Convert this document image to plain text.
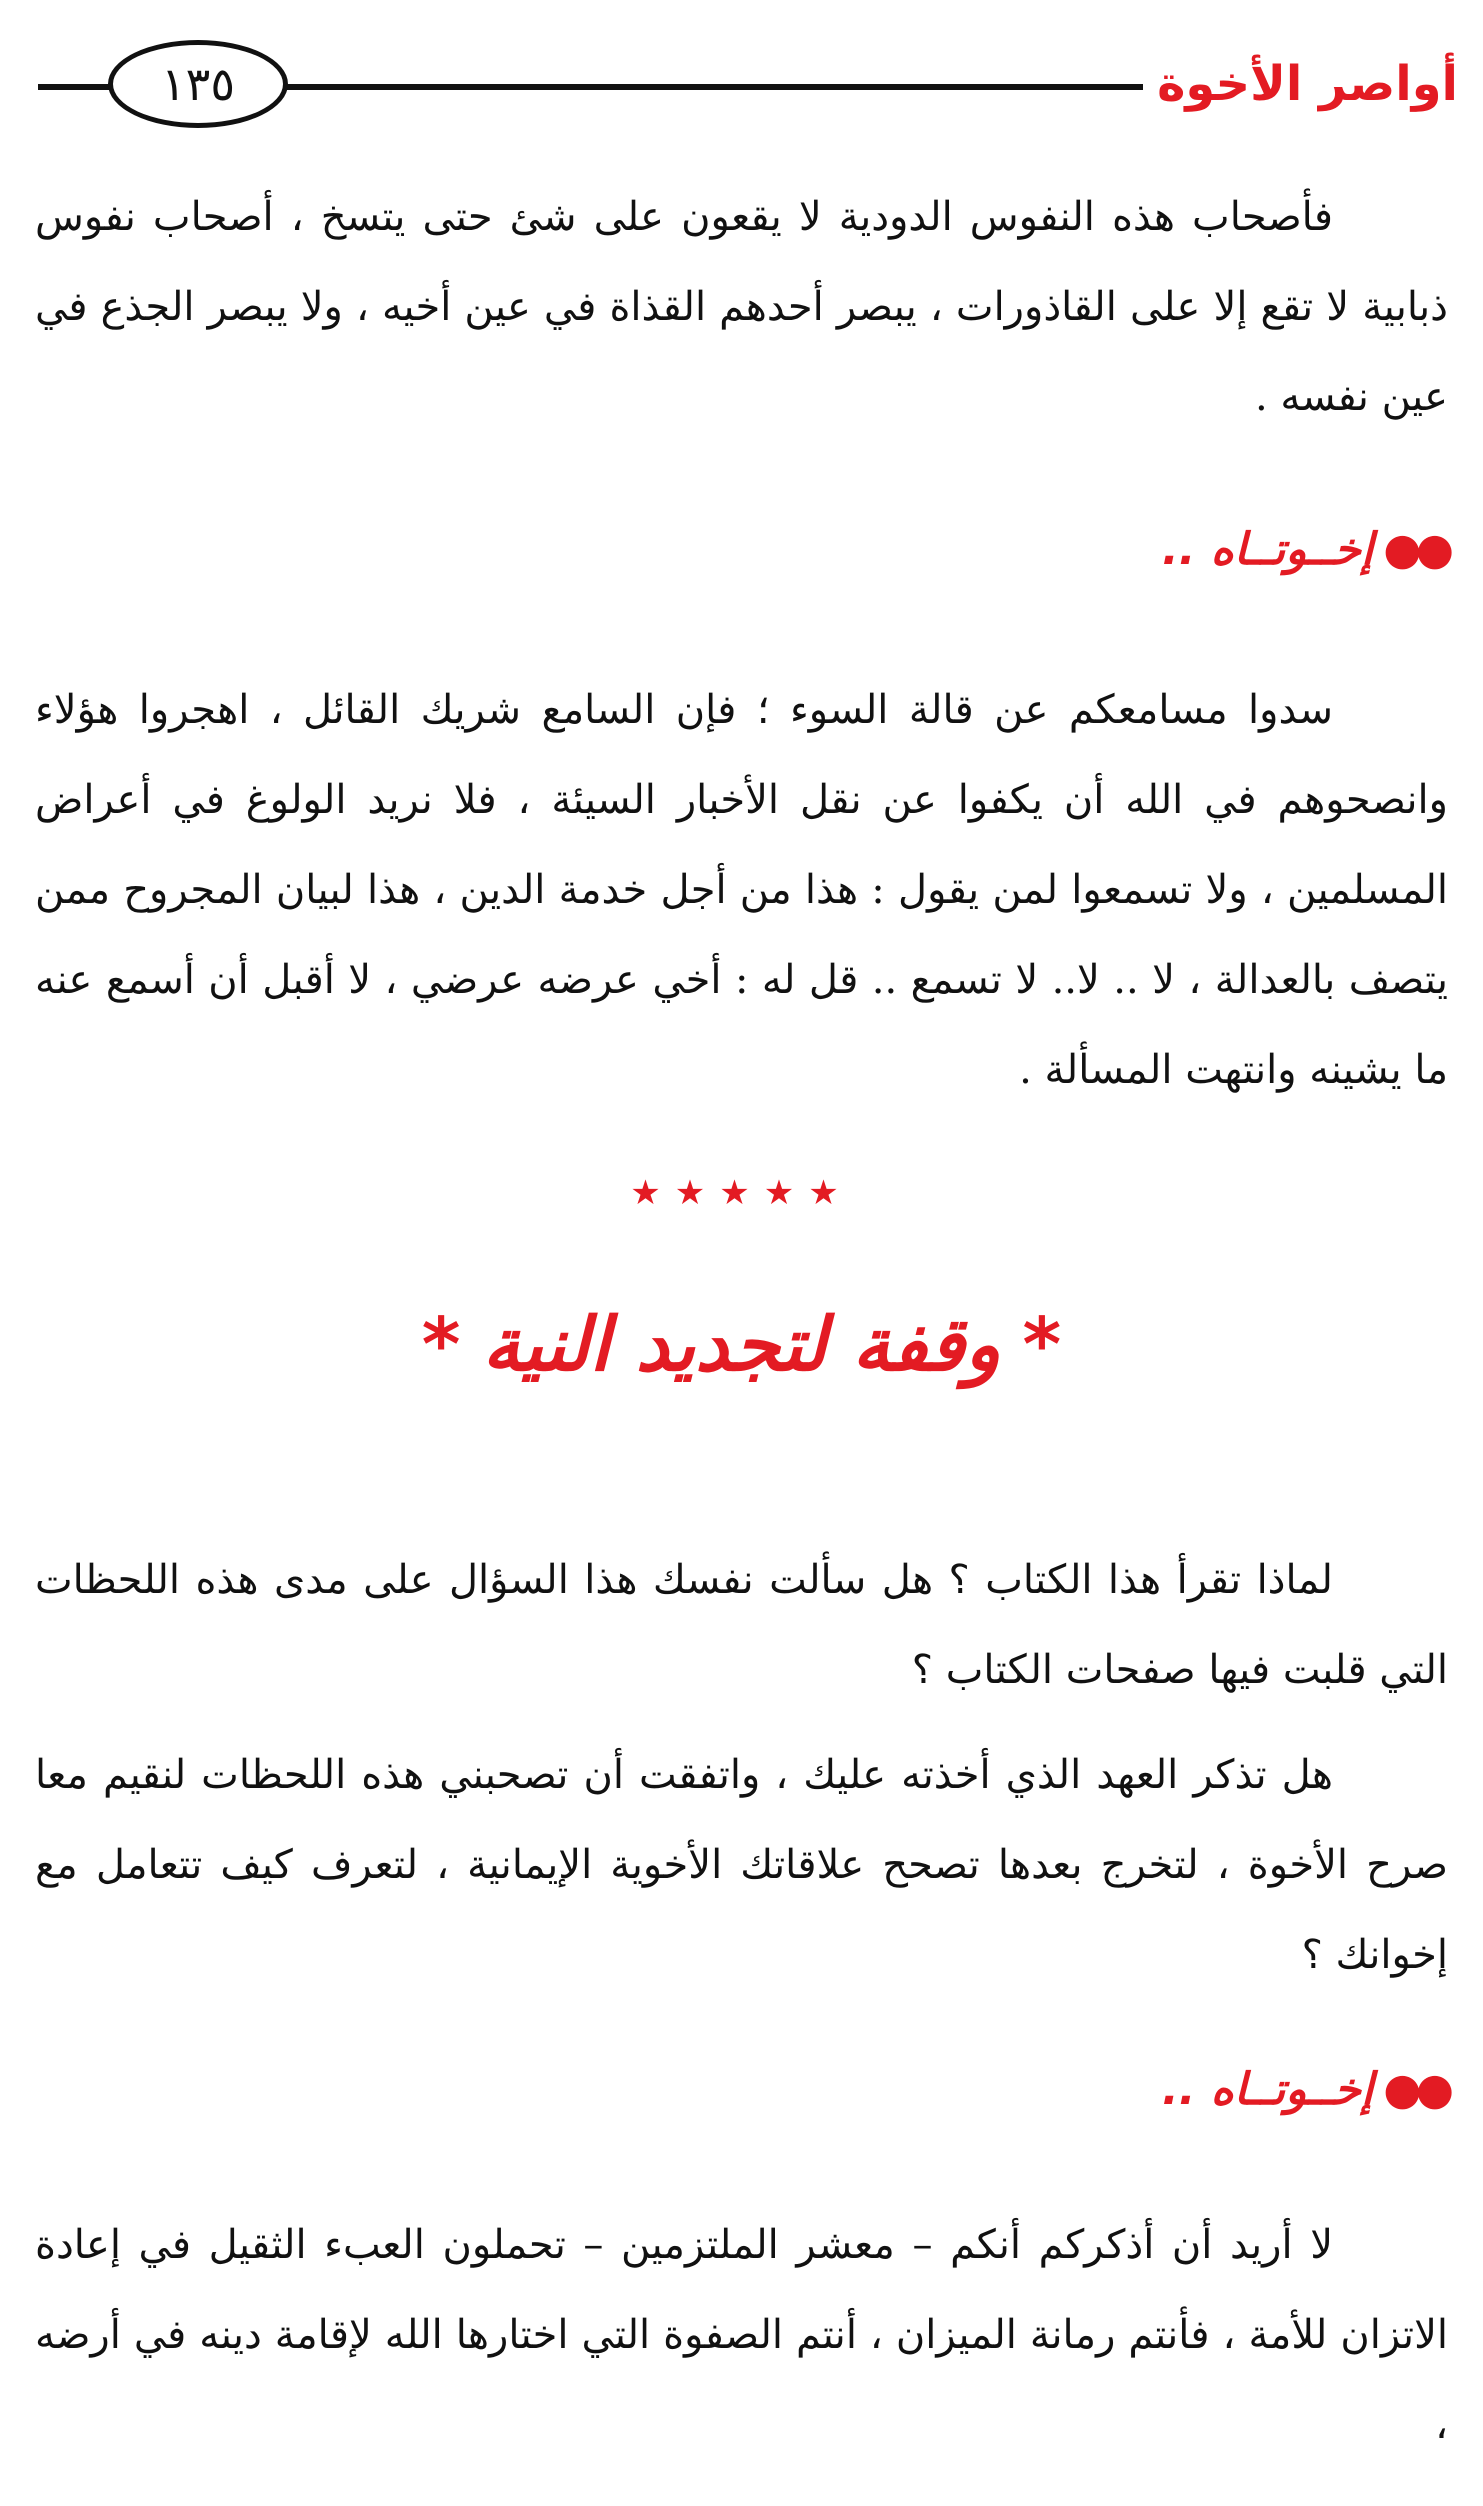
أواصر الأخوة
١٣٥

فأصحاب هذه النفوس الدودية لا يقعون على شئ حتى يتسخ ، أصحاب نفوس ذبابية لا تقع إلا على القاذورات ، يبصر أحدهم القذاة في عين أخيه ، ولا يبصر الجذع في عين نفسه .

●●إخــوتــاه ..

سدوا مسامعكم عن قالة السوء ؛ فإن السامع شريك القائل ، اهجروا هؤلاء وانصحوهم في الله أن يكفوا عن نقل الأخبار السيئة ، فلا نريد الولوغ في أعراض المسلمين ، ولا تسمعوا لمن يقول : هذا من أجل خدمة الدين ، هذا لبيان المجروح ممن يتصف بالعدالة ، لا .. لا.. لا تسمع .. قل له : أخي عرضه عرضي ، لا أقبل أن أسمع عنه ما يشينه وانتهت المسألة .

★★★★★
*وقفة لتجديد النية*

لماذا تقرأ هذا الكتاب ؟ هل سألت نفسك هذا السؤال على مدى هذه اللحظات التي قلبت فيها صفحات الكتاب ؟

هل تذكر العهد الذي أخذته عليك ، واتفقت أن تصحبني هذه اللحظات لنقيم معا صرح الأخوة ، لتخرج بعدها تصحح علاقاتك الأخوية الإيمانية ، لتعرف كيف تتعامل مع إخوانك ؟

●●إخــوتــاه ..

لا أريد أن أذكركم أنكم – معشر الملتزمين – تحملون العبء الثقيل في إعادة الاتزان للأمة ، فأنتم رمانة الميزان ، أنتم الصفوة التي اختارها الله لإقامة دينه في أرضه ،
